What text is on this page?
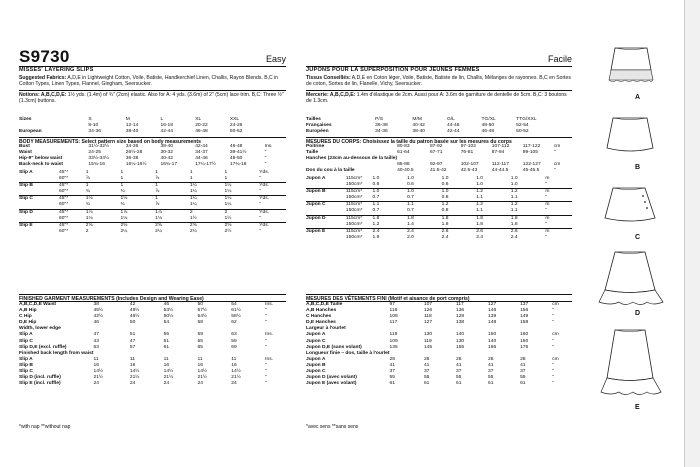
S9730	Easy
MISSES' LAYERING SLIPS
Suggested Fabrics: A,D,E in Lightweight Cotton, Voile, Batiste, Handkerchief Linen, Challis, Rayon Blends. B,C in Cotton Types, Linen Types, Flannel, Gingham, Seersucker.
Notions: A,B,C,D,E: 1½ yds. (1.4m) of ¾" (2cm) elastic. Also for A: 4 yds. (3.6m) of 2" (5cm) lace trim. B,C: Three ½" (1.3cm) buttons.
Sizes	S	M	L	XL	XXL	
	8-10	12-14	16-18	20-22	24-26	
European	34-36	38-40	42-44	46-48	50-52	
BODY MEASUREMENTS: Select pattern size based on body measurements
Bust	31½-32½	34-36	38-40	42-44	46-48	Ins.
Waist	24-25	26½-28	30-32	34-37	39-41½	"
Hip-9" below waist	33½-34½	36-38	40-42	44-46	48-50	"
Back-neck to waist	15¾-16	16¼-16½	16¾-17	17¼-17½	17¾-18	"
Slip A	45"*	1	1	1	1	1	Yds.
	60"*	⅞	1	⅞	1	1	"
Slip B	45"*	1	1	1	1¼	1¼	Yds.
	60"*	¾	¾	⅞	1¼	1¼	"
Slip C	45"*	1⅛	1⅛	1	1¼	1¼	Yds.
	60"*	¾	¾	⅞	1¼	1¼	"
Slip D	45"*	1⅞	1⅞	1⅞	2	2	Yds.
	60"*	1⅛	1⅛	1⅛	1½	1½	"
Slip E	45"*	2⅝	2⅝	2⅝	2⅝	2⅝	Yds.
	60"*	2	2¼	2¼	2¼	2½	"
FINISHED GARMENT MEASUREMENTS (Includes Design and Wearing Ease)
A,B,C,D,E Waist	38	42	46	50	54	Ins.
A,B Hip	45½	49½	53½	57½	61½	"
C Hip	42½	46½	50½	54½	58½	"
D,E Hip	46	50	54	58	62	"
Width, lower edge						
Slip A	47	51	55	59	63	Ins.
Slip C	43	47	51	55	59	"
Slip D,E (excl. ruffle)	53	57	61	65	69	"
Finished back length from waist						
Slip A	11	11	11	11	11	Ins.
Slip B	16	16	16	16	16	"
Slip C	14½	14½	14½	14½	14½	"
Slip D (incl. ruffle)	21½	21½	21½	21½	21½	"
Slip E (incl. ruffle)	24	24	24	24	24	"
*with nap **without nap
Facile
JUPONS POUR LA SUPERPOSITION POUR JEUNES FEMMES
Tissus Conseillés: A,D,E en Coton léger, Voile, Batiste, Batiste de lin, Challis, Mélanges de rayonnes. B,C en Sortes de coton, Sortes de lin, Flanelle, Vichy, Seersucker.
Mercerie: A,B,C,D,E: 1.4m d'élastique de 2cm. Aussi pour A: 3.6m de garniture de dentelle de 5cm. B,C: 3 boutons de 1.3cm.
Tailles	P/S	M/M	G/L	TG/XL	TTG/XXL	
Françaises	36-38	40-42	44-46	48-50	52-54	
Européen	34-36	38-40	42-44	46-48	50-52	
MESURES DU CORPS: Choisissez la taille du patron basée sur les mesures du corps
Poitrine	80-83	87-92	97-102	107-112	117-122	cm
Taille	61-64	67-71	76-81	87-94	99-105	"
Hanches (23cm au-dessous de la taille)						
	85-88	92-97	102-107	112-117	122-127	cm
Dos du cou à la taille	40-40.5	41.5-42	42.5-43	44-44.5	45-45.5	"
Jupon A	115cm*	1.0	1.0	1.0	1.0	1.0	m
	150cm*	0.6	0.6	0.6	1.0	1.0	"
Jupon B	115cm*	1.0	1.0	1.0	1.2	1.2	m
	150cm*	0.7	0.7	0.8	1.1	1.1	"
Jupon C	115cm*	1.1	1.1	1.2	1.2	1.2	m
	150cm*	0.7	0.7	0.8	1.1	1.1	"
Jupon D	115cm*	1.8	1.8	1.8	1.8	1.8	m
	150cm*	1.2	1.4	1.8	1.8	1.8	"
Jupon E	115cm*	2.4	2.4	2.6	2.6	2.6	m
	150cm*	1.9	2.0	2.4	2.4	2.4	"
MESURES DES VÊTEMENTS FINI (Motif et aisance de port compris)
A,B,C,D,E Taille	97	107	117	127	137	cm
A,B Hanches	116	126	136	146	156	"
C Hanches	108	118	128	139	149	"
D,E Hanches	117	127	138	148	158	"
Largeur à l'ourlet						
Jupon A	119	130	140	150	160	cm
Jupon C	109	119	130	140	150	"
Jupon D,E (sans volant)	135	145	155	165	175	"
Longueur finie – dos, taille à l'ourlet						
Jupon A	28	28	28	28	28	cm
Jupon B	41	41	41	41	41	"
Jupon C	37	37	37	37	37	"
Jupon D (avec volant)	55	55	55	55	55	"
Jupon E (avec volant)	61	61	61	61	61	"
*avec sens **sans sens
A
B
C
D
E
